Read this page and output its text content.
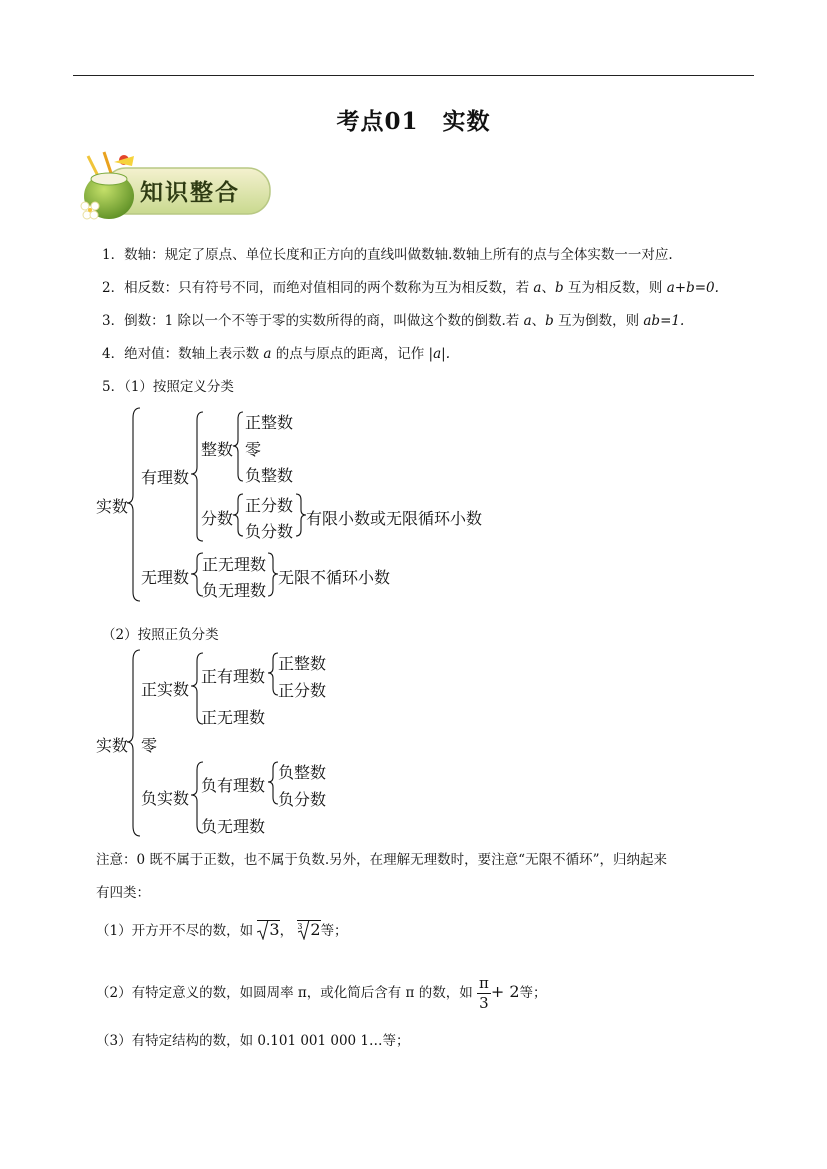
考点01　实数
知识整合
1．数轴：规定了原点、单位长度和正方向的直线叫做数轴.数轴上所有的点与全体实数一一对应.
2．相反数：只有符号不同，而绝对值相同的两个数称为互为相反数，若 a、b 互为相反数，则 a+b=0.
3．倒数：1 除以一个不等于零的实数所得的商，叫做这个数的倒数.若 a、b 互为倒数，则 ab=1.
4．绝对值：数轴上表示数 a 的点与原点的距离，记作 |a|.
5．（1）按照定义分类
实数
有理数
整数
正整数
零
负整数
分数
正分数
负分数
有限小数或无限循环小数
无理数
正无理数
负无理数
无限不循环小数
（2）按照正负分类
实数
正实数
正有理数
正整数
正分数
正无理数
零
负实数
负有理数
负整数
负分数
负无理数
注意：0 既不属于正数，也不属于负数.另外，在理解无理数时，要注意“无限不循环”，归纳起来
有四类：
（1）开方开不尽的数，如 3， 3 2等；
（2）有特定意义的数，如圆周率 π，或化简后含有 π 的数，如 $\frac{\pi}{3} + 2$等；
（3）有特定结构的数，如 0.101 001 000 1…等；
